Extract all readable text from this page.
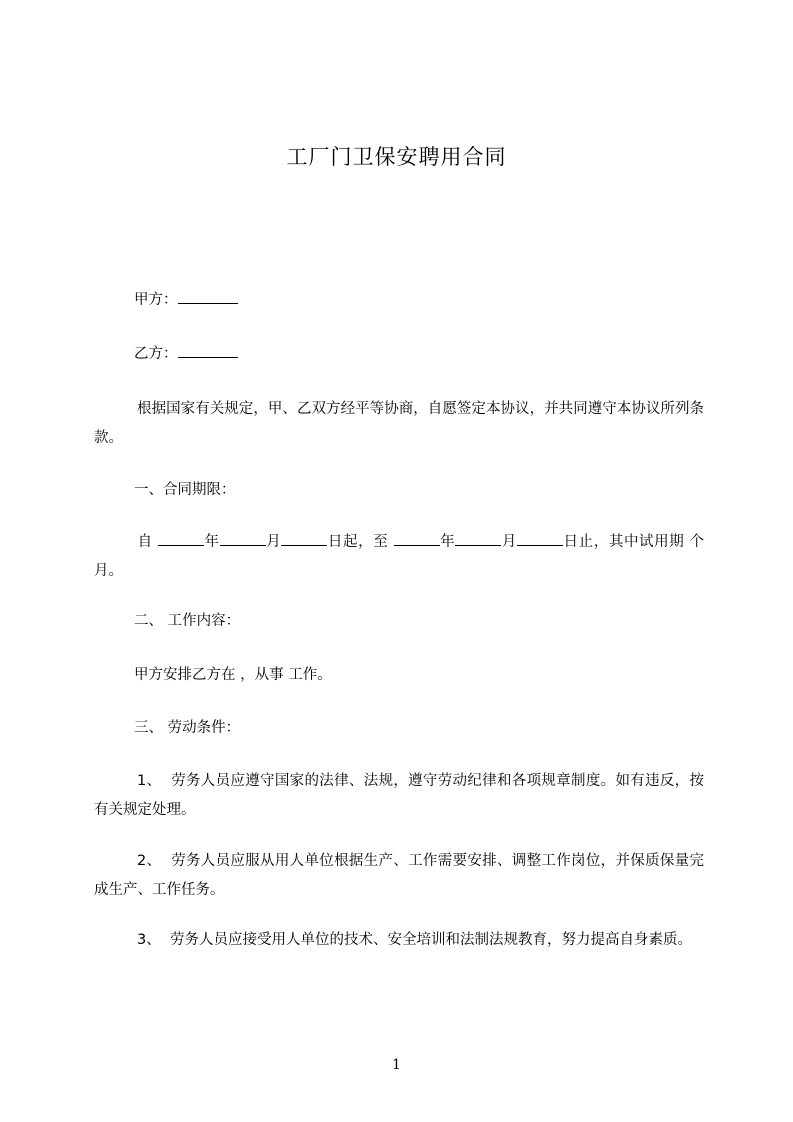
工厂门卫保安聘用合同
甲方：
乙方：
根据国家有关规定，甲、乙双方经平等协商，自愿签定本协议，并共同遵守本协议所列条款。
一、合同期限：
自	年	月	日起，至	年	月	日止，其中试用期 个月。
二、 工作内容：
甲方安排乙方在 ，从事 工作。
三、 劳动条件：
1、 劳务人员应遵守国家的法律、法规，遵守劳动纪律和各项规章制度。如有违反，按有关规定处理。
2、 劳务人员应服从用人单位根据生产、工作需要安排、调整工作岗位，并保质保量完成生产、工作任务。
3、 劳务人员应接受用人单位的技术、安全培训和法制法规教育，努力提高自身素质。
1
